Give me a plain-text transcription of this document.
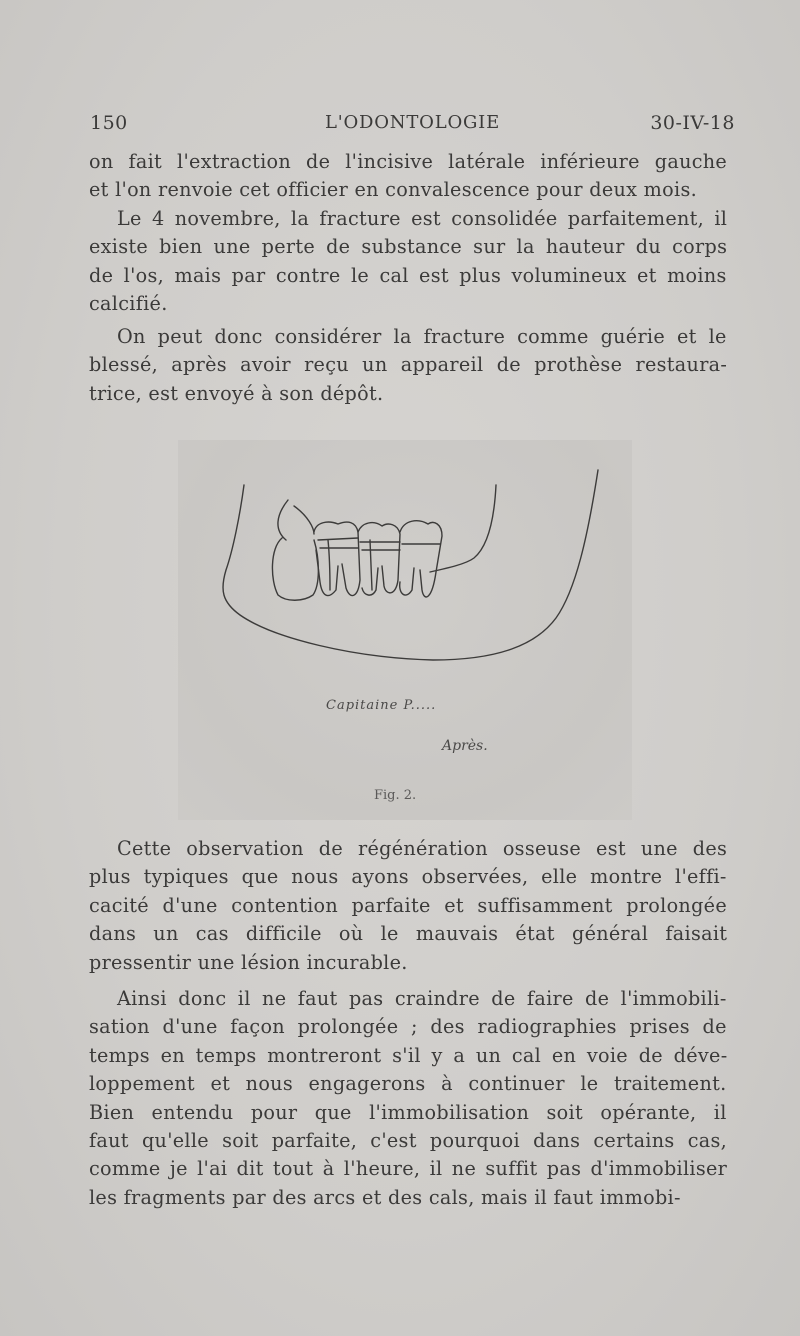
150	L'ODONTOLOGIE	30-IV-18

on fait l'extraction de l'incisive latérale inférieure gauche
et l'on renvoie cet officier en convalescence pour deux mois.

Le 4 novembre, la fracture est consolidée parfaitement, il
existe bien une perte de substance sur la hauteur du corps
de l'os, mais par contre le cal est plus volumineux et moins
calcifié.

On peut donc considérer la fracture comme guérie et le
blessé, après avoir reçu un appareil de prothèse restaura-
trice, est envoyé à son dépôt.

Capitaine P.....
Après.
Fig. 2.

Cette observation de régénération osseuse est une des
plus typiques que nous ayons observées, elle montre l'effi-
cacité d'une contention parfaite et suffisamment prolongée
dans un cas difficile où le mauvais état général faisait
pressentir une lésion incurable.

Ainsi donc il ne faut pas craindre de faire de l'immobili-
sation d'une façon prolongée ; des radiographies prises de
temps en temps montreront s'il y a un cal en voie de déve-
loppement et nous engagerons à continuer le traitement.
Bien entendu pour que l'immobilisation soit opérante, il
faut qu'elle soit parfaite, c'est pourquoi dans certains cas,
comme je l'ai dit tout à l'heure, il ne suffit pas d'immobiliser
les fragments par des arcs et des cals, mais il faut immobi-
